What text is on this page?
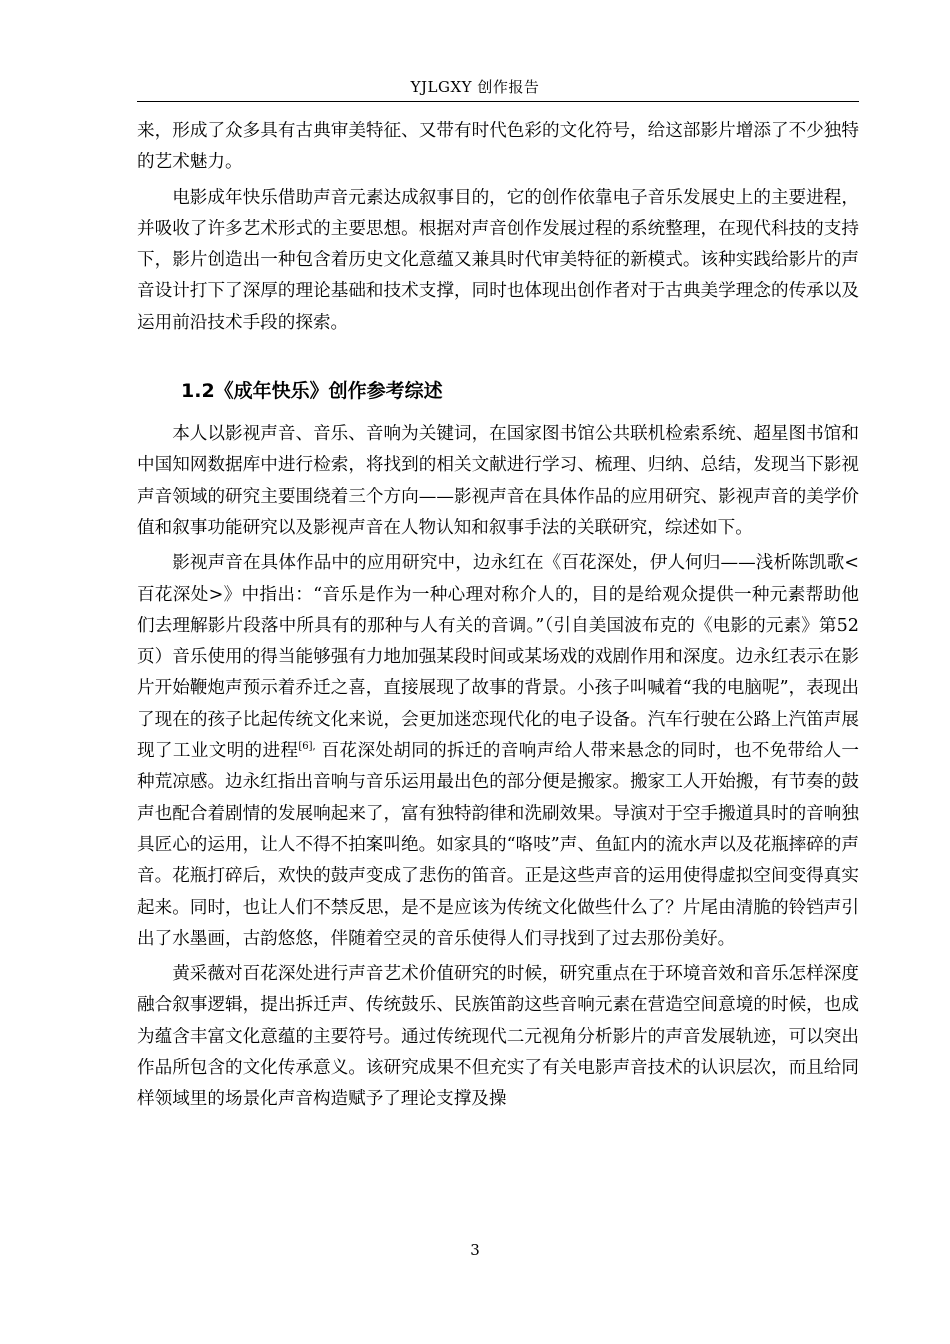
YJLGXY 创作报告

来，形成了众多具有古典审美特征、又带有时代色彩的文化符号，给这部影片增添了不少独特的艺术魅力。

电影成年快乐借助声音元素达成叙事目的，它的创作依靠电子音乐发展史上的主要进程，并吸收了许多艺术形式的主要思想。根据对声音创作发展过程的系统整理，在现代科技的支持下，影片创造出一种包含着历史文化意蕴又兼具时代审美特征的新模式。该种实践给影片的声音设计打下了深厚的理论基础和技术支撑，同时也体现出创作者对于古典美学理念的传承以及运用前沿技术手段的探索。

1.2《成年快乐》创作参考综述

本人以影视声音、音乐、音响为关键词，在国家图书馆公共联机检索系统、超星图书馆和中国知网数据库中进行检索，将找到的相关文献进行学习、梳理、归纳、总结，发现当下影视声音领域的研究主要围绕着三个方向——影视声音在具体作品的应用研究、影视声音的美学价值和叙事功能研究以及影视声音在人物认知和叙事手法的关联研究，综述如下。

影视声音在具体作品中的应用研究中，边永红在《百花深处，伊人何归——浅析陈凯歌<百花深处>》中指出：“音乐是作为一种心理对称介人的，目的是给观众提供一种元素帮助他们去理解影片段落中所具有的那种与人有关的音调。”（引自美国波布克的《电影的元素》第52页）音乐使用的得当能够强有力地加强某段时间或某场戏的戏剧作用和深度。边永红表示在影片开始鞭炮声预示着乔迁之喜，直接展现了故事的背景。小孩子叫喊着“我的电脑呢”，表现出了现在的孩子比起传统文化来说，会更加迷恋现代化的电子设备。汽车行驶在公路上汽笛声展现了工业文明的进程$^{[6],}$ 百花深处胡同的拆迁的音响声给人带来悬念的同时，也不免带给人一种荒凉感。边永红指出音响与音乐运用最出色的部分便是搬家。搬家工人开始搬，有节奏的鼓声也配合着剧情的发展响起来了，富有独特韵律和洗刷效果。导演对于空手搬道具时的音响独具匠心的运用，让人不得不拍案叫绝。如家具的“咯吱”声、鱼缸内的流水声以及花瓶摔碎的声音。花瓶打碎后，欢快的鼓声变成了悲伤的笛音。正是这些声音的运用使得虚拟空间变得真实起来。同时，也让人们不禁反思，是不是应该为传统文化做些什么了？片尾由清脆的铃铛声引出了水墨画，古韵悠悠，伴随着空灵的音乐使得人们寻找到了过去那份美好。

黄采薇对百花深处进行声音艺术价值研究的时候，研究重点在于环境音效和音乐怎样深度融合叙事逻辑，提出拆迁声、传统鼓乐、民族笛韵这些音响元素在营造空间意境的时候，也成为蕴含丰富文化意蕴的主要符号。通过传统现代二元视角分析影片的声音发展轨迹，可以突出作品所包含的文化传承意义。该研究成果不但充实了有关电影声音技术的认识层次，而且给同样领域里的场景化声音构造赋予了理论支撑及操

3
